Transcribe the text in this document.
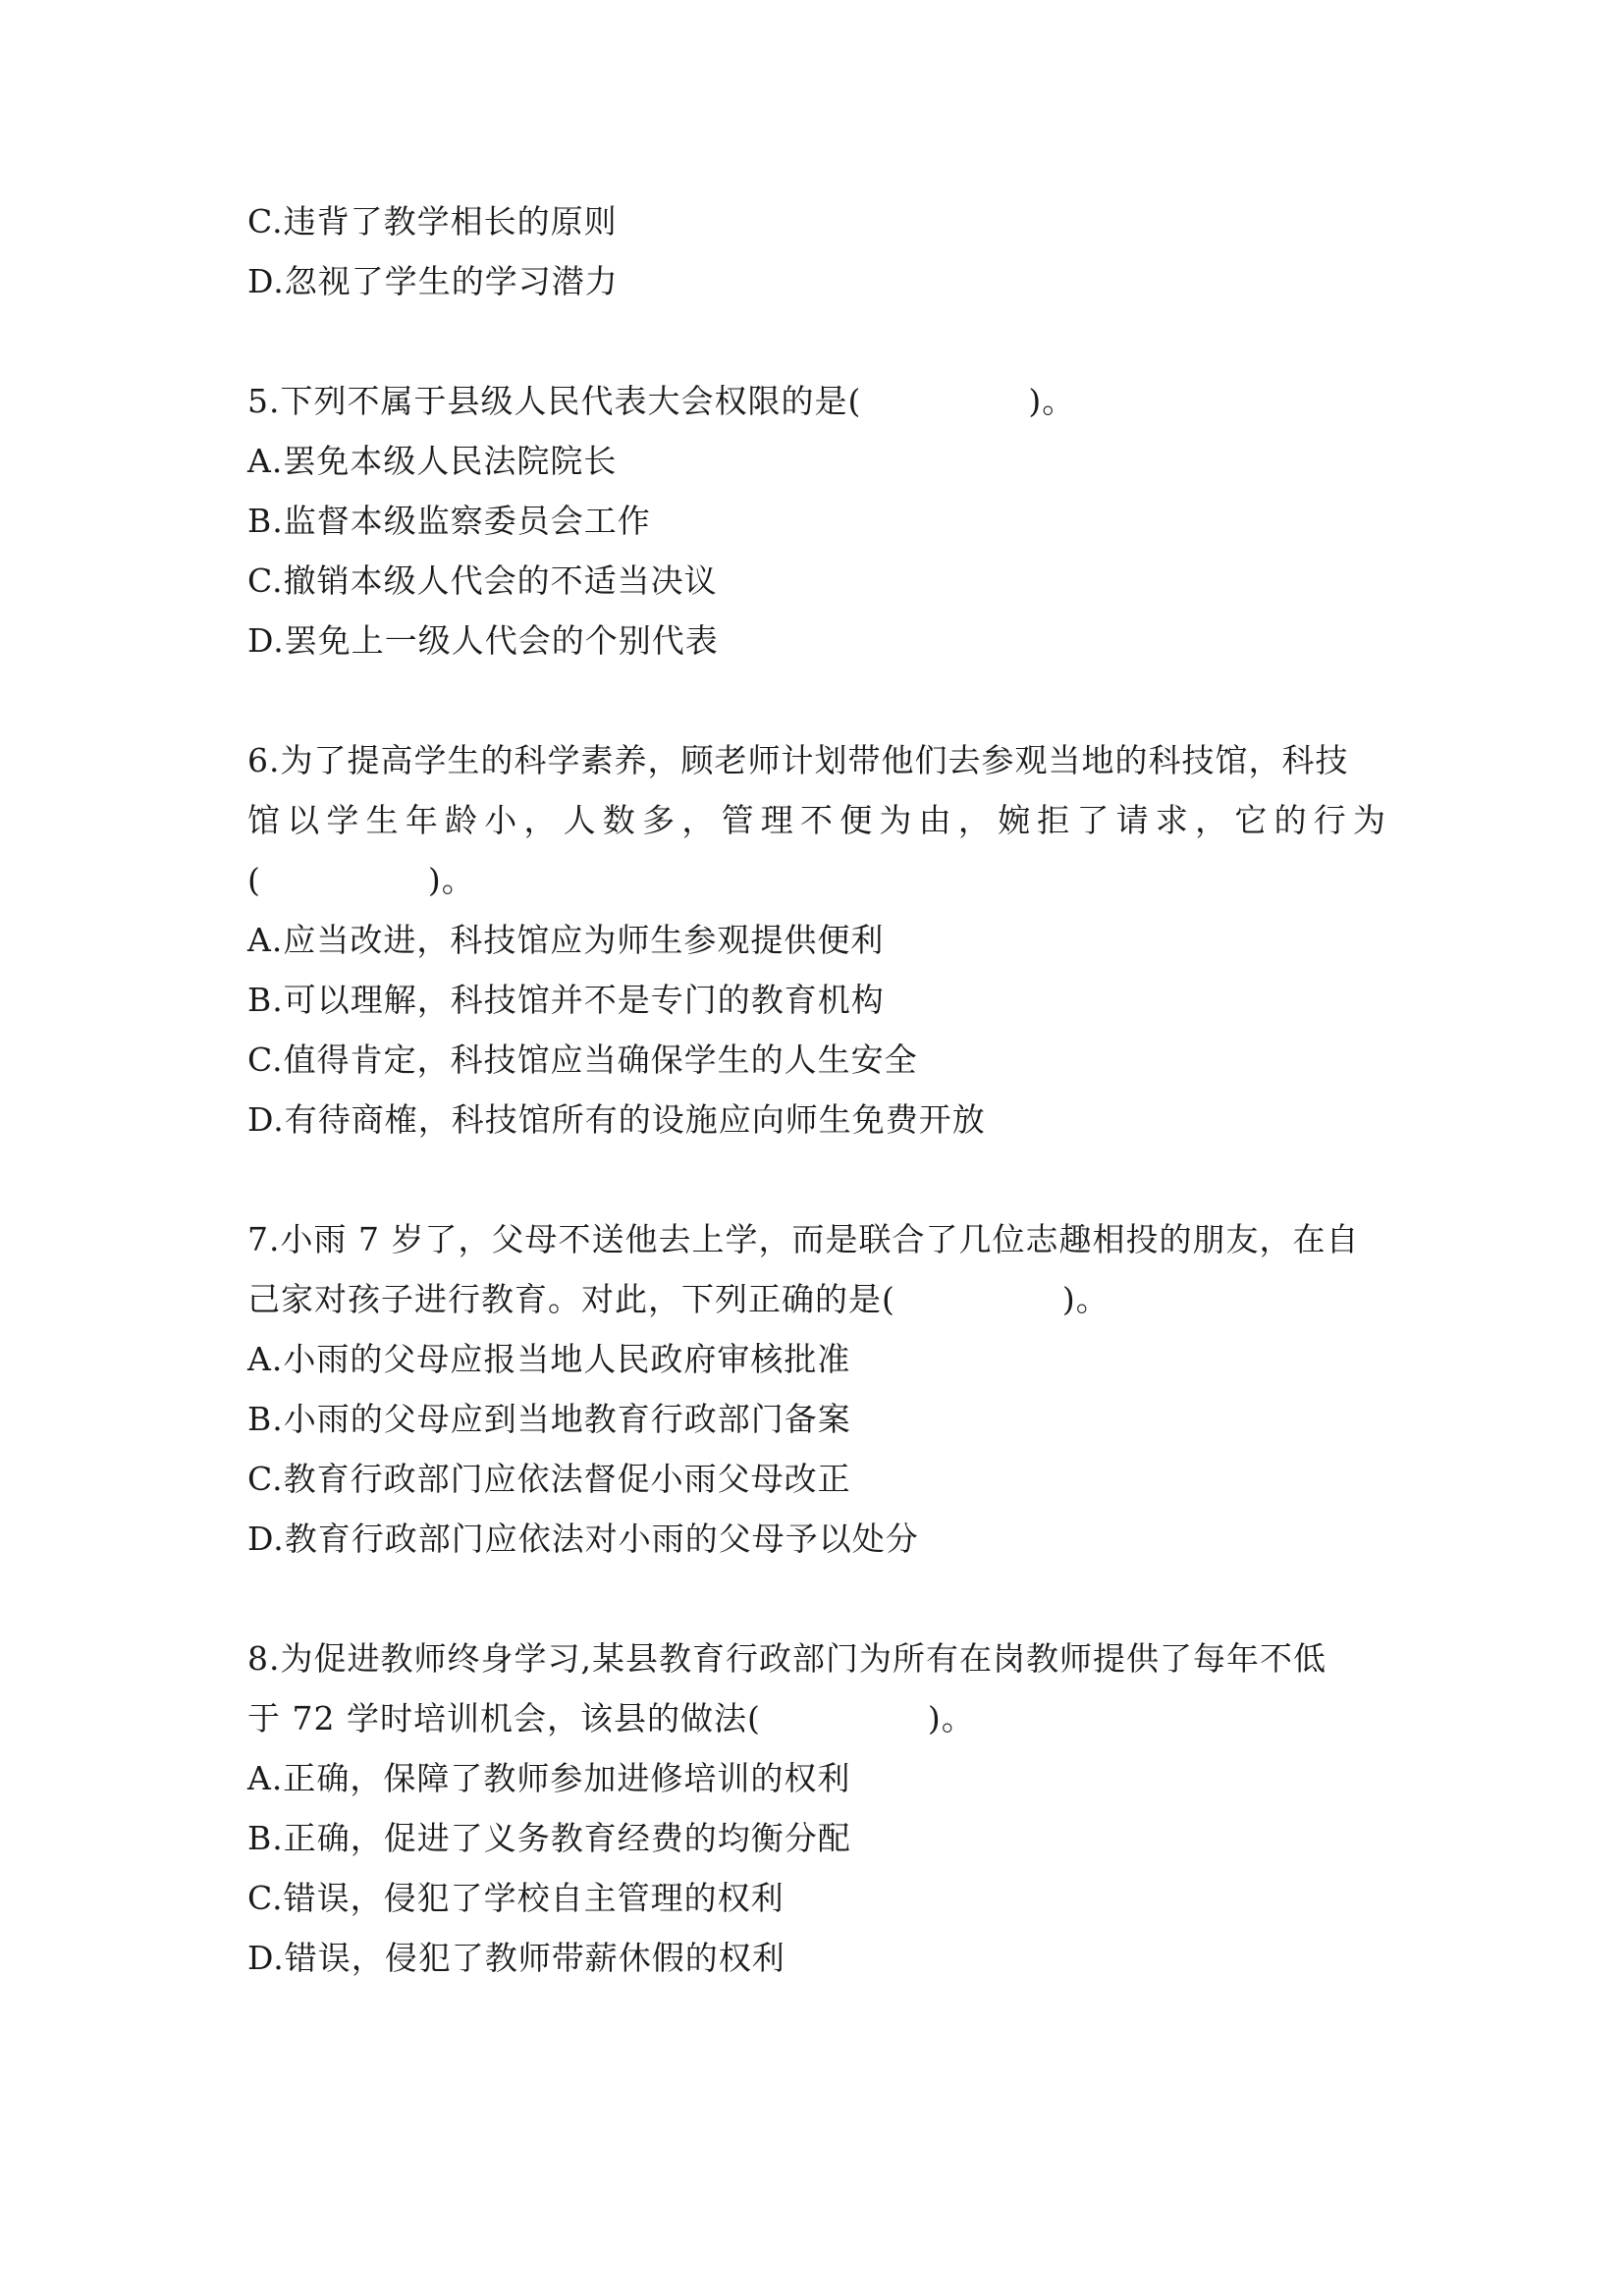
C.违背了教学相长的原则
D.忽视了学生的学习潜力
5.下列不属于县级人民代表大会权限的是(　　　　　)。
A.罢免本级人民法院院长
B.监督本级监察委员会工作
C.撤销本级人代会的不适当决议
D.罢免上一级人代会的个别代表
6.为了提高学生的科学素养，顾老师计划带他们去参观当地的科技馆，科技
馆以学生年龄小，人数多，管理不便为由，婉拒了请求，它的行为
(　　　　　)。
A.应当改进，科技馆应为师生参观提供便利
B.可以理解，科技馆并不是专门的教育机构
C.值得肯定，科技馆应当确保学生的人生安全
D.有待商榷，科技馆所有的设施应向师生免费开放
7.小雨 7 岁了，父母不送他去上学，而是联合了几位志趣相投的朋友，在自
己家对孩子进行教育。对此，下列正确的是(　　　　　)。
A.小雨的父母应报当地人民政府审核批准
B.小雨的父母应到当地教育行政部门备案
C.教育行政部门应依法督促小雨父母改正
D.教育行政部门应依法对小雨的父母予以处分
8.为促进教师终身学习,某县教育行政部门为所有在岗教师提供了每年不低
于 72 学时培训机会，该县的做法(　　　　　)。
A.正确，保障了教师参加进修培训的权利
B.正确，促进了义务教育经费的均衡分配
C.错误，侵犯了学校自主管理的权利
D.错误，侵犯了教师带薪休假的权利
